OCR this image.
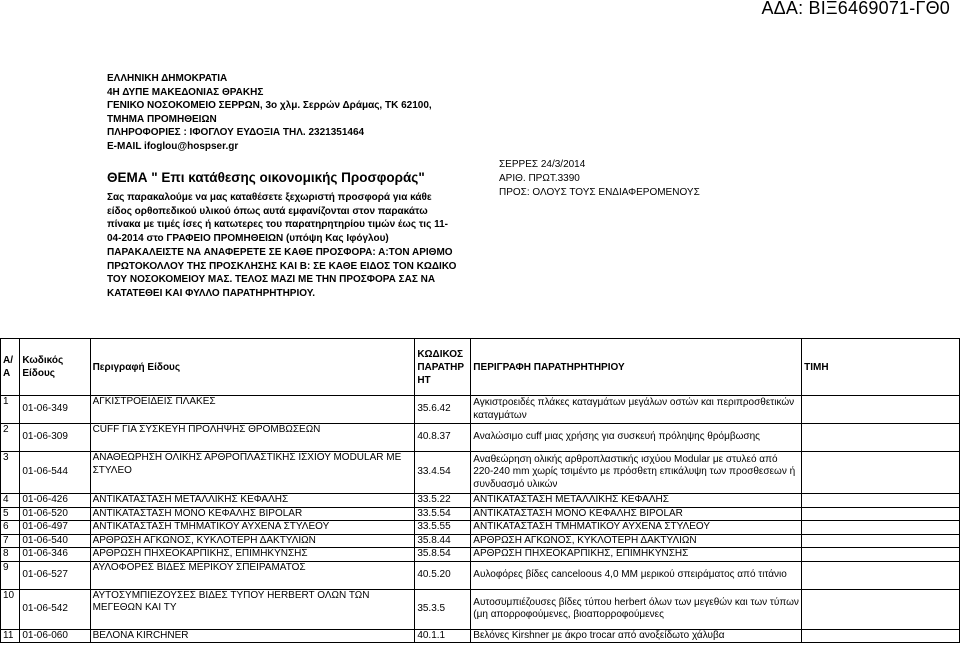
ΑΔΑ: ΒΙΞ6469071-ΓΘ0
ΕΛΛΗΝΙΚΗ ΔΗΜΟΚΡΑΤΙΑ
4Η ΔΥΠΕ ΜΑΚΕΔΟΝΙΑΣ ΘΡΑΚΗΣ
ΓΕΝΙΚΟ ΝΟΣΟΚΟΜΕΙΟ ΣΕΡΡΩΝ, 3ο χλμ. Σερρών Δράμας, ΤΚ 62100,
ΤΜΗΜΑ ΠΡΟΜΗΘΕΙΩΝ
ΠΛΗΡΟΦΟΡΙΕΣ : ΙΦΟΓΛΟΥ ΕΥΔΟΞΙΑ ΤΗΛ. 2321351464
E-MAIL ifoglou@hospser.gr
ΘΕΜΑ " Επι κατάθεσης οικονομικής Προσφοράς"
Σας παρακαλούμε να μας καταθέσετε ξεχωριστή προσφορά για κάθε είδος ορθοπεδικού υλικού όπως αυτά εμφανίζονται στον παρακάτω πίνακα με τιμές ίσες ή κατωτερες του παρατηρητηρίου τιμών έως τις 11-04-2014 στο ΓΡΑΦΕΙΟ ΠΡΟΜΗΘΕΙΩΝ (υπόψη Κας Ιφόγλου) ΠΑΡΑΚΑΛΕΙΣΤΕ ΝΑ ΑΝΑΦΕΡΕΤΕ ΣΕ ΚΑΘΕ ΠΡΟΣΦΟΡΑ: Α:ΤΟΝ ΑΡΙΘΜΟ ΠΡΩΤΟΚΟΛΛΟΥ ΤΗΣ ΠΡΟΣΚΛΗΣΗΣ ΚΑΙ Β: ΣΕ ΚΑΘΕ ΕΙΔΟΣ ΤΟΝ ΚΩΔΙΚΟ ΤΟΥ ΝΟΣΟΚΟΜΕΙΟΥ ΜΑΣ. ΤΕΛΟΣ ΜΑΖΙ ΜΕ ΤΗΝ ΠΡΟΣΦΟΡΑ ΣΑΣ ΝΑ ΚΑΤΑΤΕΘΕΙ ΚΑΙ ΦΥΛΛΟ ΠΑΡΑΤΗΡΗΤΗΡΙΟΥ.
ΣΕΡΡΕΣ 24/3/2014
ΑΡΙΘ. ΠΡΩΤ.3390
ΠΡΟΣ: ΟΛΟΥΣ ΤΟΥΣ ΕΝΔΙΑΦΕΡΟΜΕΝΟΥΣ
Α/Α	Κωδικός Είδους	Περιγραφή Είδους	ΚΩΔΙΚΟΣ ΠΑΡΑΤΗΡ ΗΤ	ΠΕΡΙΓΡΑΦΗ ΠΑΡΑΤΗΡΗΤΗΡΙΟΥ	ΤΙΜΗ
1	01-06-349	ΑΓΚΙΣΤΡΟΕΙΔΕΙΣ ΠΛΑΚΕΣ	35.6.42	Αγκιστροειδές πλάκες καταγμάτων μεγάλων οστών και περιπροσθετικών καταγμάτων	
2	01-06-309	CUFF ΓΙΑ ΣΥΣΚΕΥΗ ΠΡΟΛΗΨΗΣ ΘΡΟΜΒΩΣΕΩΝ	40.8.37	Αναλώσιμο cuff μιας χρήσης για συσκευή πρόληψης θρόμβωσης	
3	01-06-544	ΑΝΑΘΕΩΡΗΣΗ ΟΛΙΚΗΣ ΑΡΘΡΟΠΛΑΣΤΙΚΗΣ ΙΣΧΙΟΥ MODULAR ΜΕ ΣΤΥΛΕΟ	33.4.54	Αναθεώρηση ολικής αρθροπλαστικής ισχύου Modular με στυλεό από 220-240 mm χωρίς τσιμέντο με πρόσθετη επικάλυψη των προσθεσεων ή συνδυασμό υλικών	
4	01-06-426	ΑΝΤΙΚΑΤΑΣΤΑΣΗ ΜΕΤΑΛΛΙΚΗΣ ΚΕΦΑΛΗΣ	33.5.22	ΑΝΤΙΚΑΤΑΣΤΑΣΗ ΜΕΤΑΛΛΙΚΗΣ ΚΕΦΑΛΗΣ	
5	01-06-520	ΑΝΤΙΚΑΤΑΣΤΑΣΗ ΜΟΝΟ ΚΕΦΑΛΗΣ BIPOLAR	33.5.54	ΑΝΤΙΚΑΤΑΣΤΑΣΗ ΜΟΝΟ ΚΕΦΑΛΗΣ BIPOLAR	
6	01-06-497	ΑΝΤΙΚΑΤΑΣΤΑΣΗ ΤΜΗΜΑΤΙΚΟΥ ΑΥΧΕΝΑ ΣΤΥΛΕΟΥ	33.5.55	ΑΝΤΙΚΑΤΑΣΤΑΣΗ ΤΜΗΜΑΤΙΚΟΥ ΑΥΧΕΝΑ ΣΤΥΛΕΟΥ	
7	01-06-540	ΑΡΘΡΩΣΗ ΑΓΚΩΝΟΣ, ΚΥΚΛΟΤΕΡΗ ΔΑΚΤΥΛΙΩΝ	35.8.44	ΑΡΘΡΩΣΗ ΑΓΚΩΝΟΣ, ΚΥΚΛΟΤΕΡΗ ΔΑΚΤΥΛΙΩΝ	
8	01-06-346	ΑΡΘΡΩΣΗ ΠΗΧΕΟΚΑΡΠΙΚΗΣ, ΕΠΙΜΗΚΥΝΣΗΣ	35.8.54	ΑΡΘΡΩΣΗ ΠΗΧΕΟΚΑΡΠΙΚΗΣ, ΕΠΙΜΗΚΥΝΣΗΣ	
9	01-06-527	ΑΥΛΟΦΟΡΕΣ ΒΙΔΕΣ ΜΕΡΙΚΟΥ ΣΠΕΙΡΑΜΑΤΟΣ	40.5.20	Αυλοφόρες βίδες cancelοous 4,0 MM μερικού σπειράματος από τιτάνιο	
10	01-06-542	ΑΥΤΟΣΥΜΠΙΕΖΟΥΣΕΣ ΒΙΔΕΣ ΤΥΠΟΥ HERBERT ΟΛΩΝ ΤΩΝ ΜΕΓΕΘΩΝ ΚΑΙ ΤΥ	35.3.5	Αυτοσυμπιέζουσες βίδες τύπου herbert όλων των μεγεθών και των τύπων (μη απορροφούμενες, βιοαπορροφούμενες	
11	01-06-060	ΒΕΛΟΝΑ KIRCHNER	40.1.1	Βελόνες Kirshner με άκρο trocar από ανοξείδωτο χάλυβα	
